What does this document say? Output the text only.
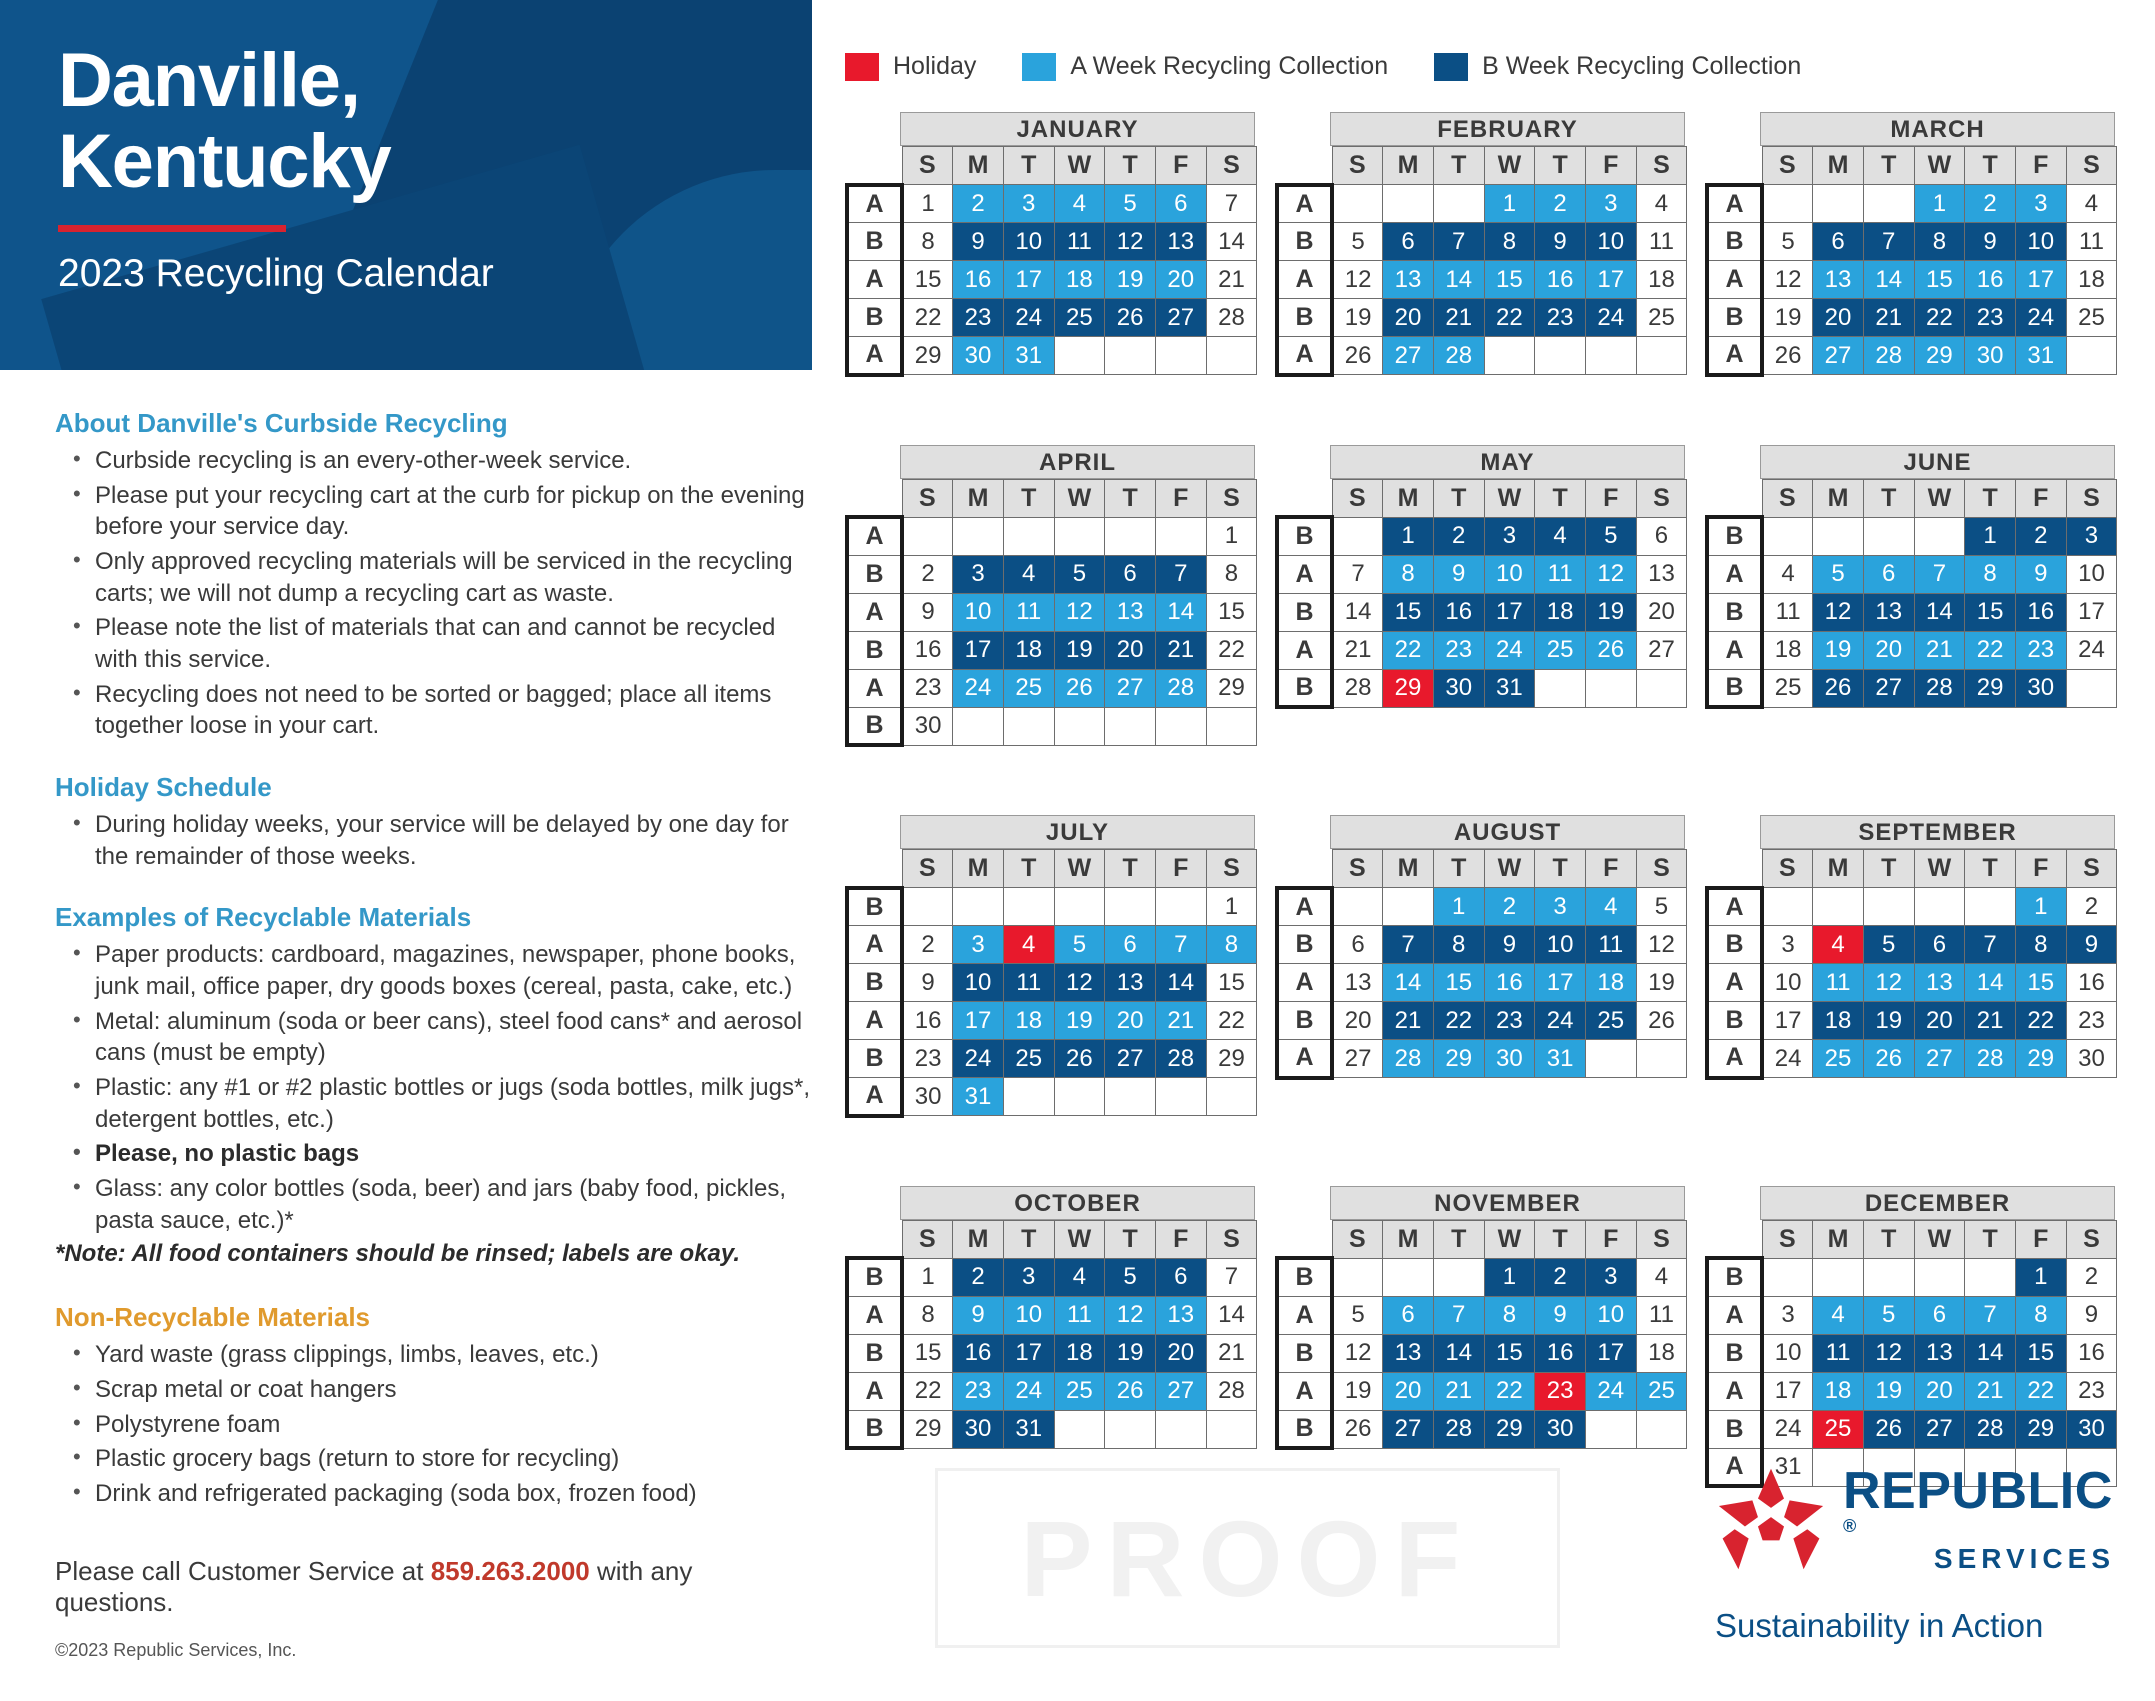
Danville,
Kentucky
2023 Recycling Calendar
About Danville's Curbside Recycling
• Curbside recycling is an every-other-week service.
• Please put your recycling cart at the curb for pickup on the evening before your service day.
• Only approved recycling materials will be serviced in the recycling carts; we will not dump a recycling cart as waste.
• Please note the list of materials that can and cannot be recycled with this service.
• Recycling does not need to be sorted or bagged; place all items together loose in your cart.
Holiday Schedule
• During holiday weeks, your service will be delayed by one day for the remainder of those weeks.
Examples of Recyclable Materials
• Paper products: cardboard, magazines, newspaper, phone books, junk mail, office paper, dry goods boxes (cereal, pasta, cake, etc.)
• Metal: aluminum (soda or beer cans), steel food cans* and aerosol cans (must be empty)
• Plastic: any #1 or #2 plastic bottles or jugs (soda bottles, milk jugs*, detergent bottles, etc.)
• Please, no plastic bags
• Glass: any color bottles (soda, beer) and jars (baby food, pickles, pasta sauce, etc.)*
*Note: All food containers should be rinsed; labels are okay.
Non-Recyclable Materials
• Yard waste (grass clippings, limbs, leaves, etc.)
• Scrap metal or coat hangers
• Polystyrene foam
• Plastic grocery bags (return to store for recycling)
• Drink and refrigerated packaging (soda box, frozen food)
Please call Customer Service at 859.263.2000 with any questions.
©2023 Republic Services, Inc.
Holiday	A Week Recycling Collection	B Week Recycling Collection
JANUARY
	S	M	T	W	T	F	S
A	1	2	3	4	5	6	7
B	8	9	10	11	12	13	14
A	15	16	17	18	19	20	21
B	22	23	24	25	26	27	28
A	29	30	31				
FEBRUARY
	S	M	T	W	T	F	S
A				1	2	3	4
B	5	6	7	8	9	10	11
A	12	13	14	15	16	17	18
B	19	20	21	22	23	24	25
A	26	27	28				
MARCH
	S	M	T	W	T	F	S
A				1	2	3	4
B	5	6	7	8	9	10	11
A	12	13	14	15	16	17	18
B	19	20	21	22	23	24	25
A	26	27	28	29	30	31	
APRIL
	S	M	T	W	T	F	S
A							1
B	2	3	4	5	6	7	8
A	9	10	11	12	13	14	15
B	16	17	18	19	20	21	22
A	23	24	25	26	27	28	29
B	30						
MAY
	S	M	T	W	T	F	S
B		1	2	3	4	5	6
A	7	8	9	10	11	12	13
B	14	15	16	17	18	19	20
A	21	22	23	24	25	26	27
B	28	29	30	31			
JUNE
	S	M	T	W	T	F	S
B					1	2	3
A	4	5	6	7	8	9	10
B	11	12	13	14	15	16	17
A	18	19	20	21	22	23	24
B	25	26	27	28	29	30	
JULY
	S	M	T	W	T	F	S
B							1
A	2	3	4	5	6	7	8
B	9	10	11	12	13	14	15
A	16	17	18	19	20	21	22
B	23	24	25	26	27	28	29
A	30	31					
AUGUST
	S	M	T	W	T	F	S
A			1	2	3	4	5
B	6	7	8	9	10	11	12
A	13	14	15	16	17	18	19
B	20	21	22	23	24	25	26
A	27	28	29	30	31		
SEPTEMBER
	S	M	T	W	T	F	S
A						1	2
B	3	4	5	6	7	8	9
A	10	11	12	13	14	15	16
B	17	18	19	20	21	22	23
A	24	25	26	27	28	29	30
OCTOBER
	S	M	T	W	T	F	S
B	1	2	3	4	5	6	7
A	8	9	10	11	12	13	14
B	15	16	17	18	19	20	21
A	22	23	24	25	26	27	28
B	29	30	31				
NOVEMBER
	S	M	T	W	T	F	S
B				1	2	3	4
A	5	6	7	8	9	10	11
B	12	13	14	15	16	17	18
A	19	20	21	22	23	24	25
B	26	27	28	29	30		
DECEMBER
	S	M	T	W	T	F	S
B						1	2
A	3	4	5	6	7	8	9
B	10	11	12	13	14	15	16
A	17	18	19	20	21	22	23
B	24	25	26	27	28	29	30
A	31						
PROOF
REPUBLIC®
SERVICES
Sustainability in Action
